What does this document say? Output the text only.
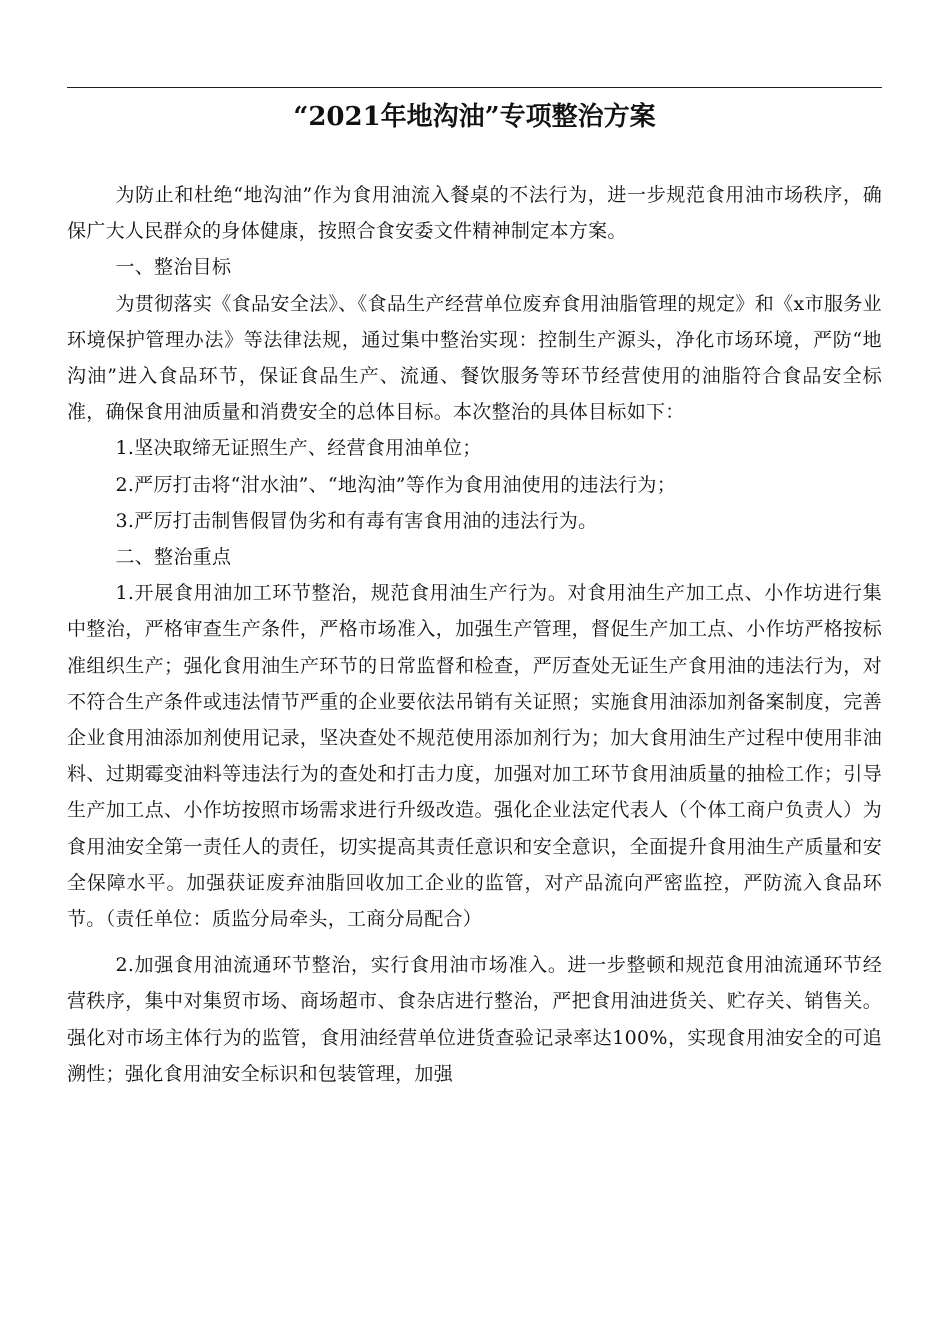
“2021年地沟油”专项整治方案

为防止和杜绝“地沟油”作为食用油流入餐桌的不法行为，进一步规范食用油市场秩序，确保广大人民群众的身体健康，按照合食安委文件精神制定本方案。

一、整治目标

为贯彻落实《食品安全法》、《食品生产经营单位废弃食用油脂管理的规定》和《x市服务业环境保护管理办法》等法律法规，通过集中整治实现：控制生产源头，净化市场环境，严防“地沟油”进入食品环节，保证食品生产、流通、餐饮服务等环节经营使用的油脂符合食品安全标准，确保食用油质量和消费安全的总体目标。本次整治的具体目标如下：

1.坚决取缔无证照生产、经营食用油单位；

2.严厉打击将“泔水油”、“地沟油”等作为食用油使用的违法行为；

3.严厉打击制售假冒伪劣和有毒有害食用油的违法行为。

二、整治重点

1.开展食用油加工环节整治，规范食用油生产行为。对食用油生产加工点、小作坊进行集中整治，严格审查生产条件，严格市场准入，加强生产管理，督促生产加工点、小作坊严格按标准组织生产；强化食用油生产环节的日常监督和检查，严厉查处无证生产食用油的违法行为，对不符合生产条件或违法情节严重的企业要依法吊销有关证照；实施食用油添加剂备案制度，完善企业食用油添加剂使用记录，坚决查处不规范使用添加剂行为；加大食用油生产过程中使用非油料、过期霉变油料等违法行为的查处和打击力度，加强对加工环节食用油质量的抽检工作；引导生产加工点、小作坊按照市场需求进行升级改造。强化企业法定代表人（个体工商户负责人）为食用油安全第一责任人的责任，切实提高其责任意识和安全意识，全面提升食用油生产质量和安全保障水平。加强获证废弃油脂回收加工企业的监管，对产品流向严密监控，严防流入食品环节。（责任单位：质监分局牵头，工商分局配合）

2.加强食用油流通环节整治，实行食用油市场准入。进一步整顿和规范食用油流通环节经营秩序，集中对集贸市场、商场超市、食杂店进行整治，严把食用油进货关、贮存关、销售关。强化对市场主体行为的监管，食用油经营单位进货查验记录率达100%，实现食用油安全的可追溯性；强化食用油安全标识和包装管理，加强
